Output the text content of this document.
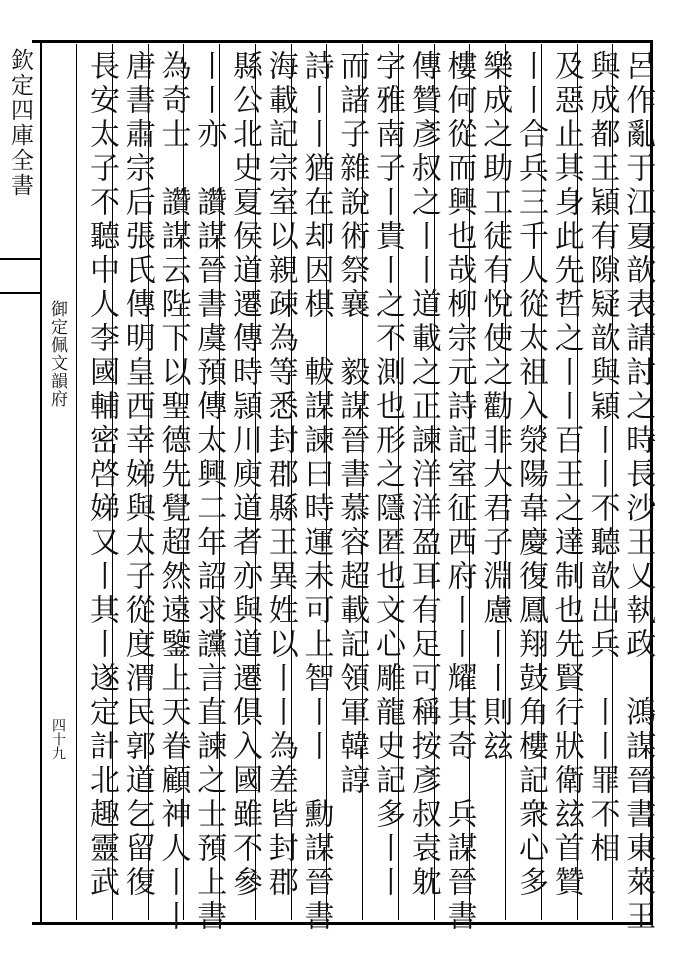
欽定四庫全書
御定佩文韻府
四十九	呂作亂于江夏歆表請討之時長沙王乂執政　鴻謀晉書東萊王
與成都王穎有隙疑歆與穎丨丨不聽歆出兵　丨丨罪不相
及惡止其身此先哲之丨丨百王之達制也先賢行狀衛玆首贊
丨丨合兵三千人從太祖入滎陽韋慶復鳳翔鼓角樓記衆心多
樂成之助工徒有悅使之勸非大君子淵慮丨丨則玆
樓何從而興也哉柳宗元詩記室征西府丨丨耀其奇　兵謀晉書
傳贊彥叔之丨丨道載之正諫洋洋盈耳有足可稱按彥叔袁躭
字雅南子丨貴丨之不測也形之隱匿也文心雕龍史記多丨丨
而諸子雜說術祭襄　毅謀晉書慕容超載記領軍韓諄
詩丨丨猶在却因棋　軷謀諫曰時運未可上智丨丨　勳謀晉書
海載記宗室以親疎為等悉封郡縣王異姓以丨丨為差皆封郡
縣公北史夏侯道遷傳時頴川庾道者亦與道遷俱入國雖不參
丨丨亦　讚謀晉書虞預傳太興二年詔求讜言直諫之士預上書
為奇士　讚謀云陛下以聖德先覺超然遠鑒上天眷顧神人丨丨
唐書肅宗后張氏傳明皇西幸娣與太子從度渭民郭道乞留復
長安太子不聽中人李國輔密啓娣又丨其丨遂定計北趣靈武
